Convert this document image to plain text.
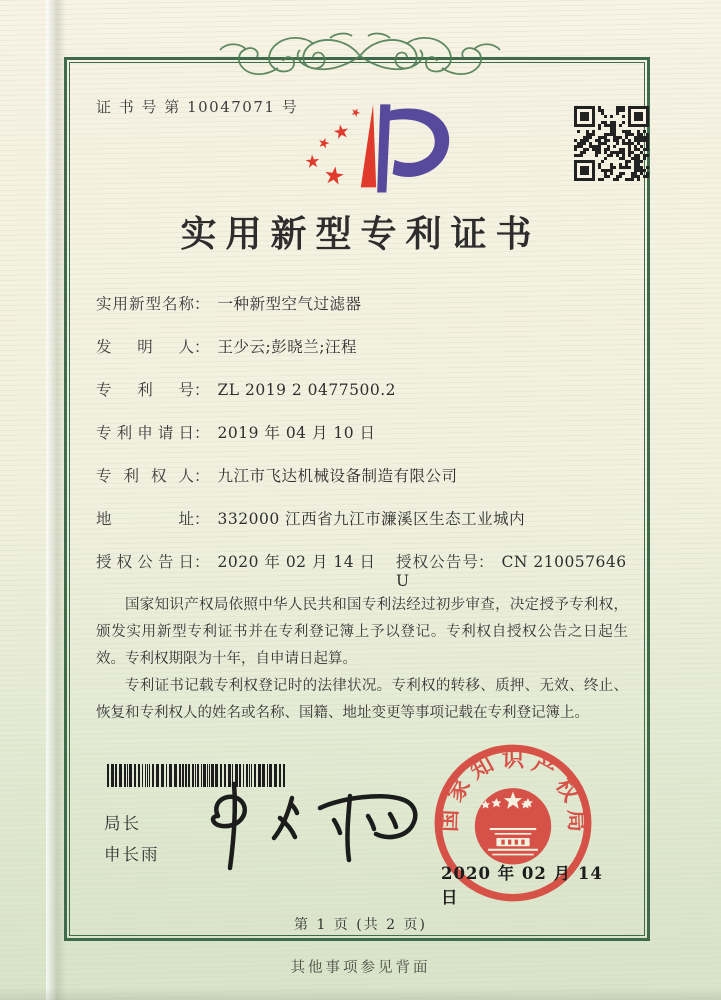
证 书 号 第 10047071 号
实用新型专利证书
实用新型名称： 一种新型空气过滤器
发明人： 王少云;彭晓兰;汪程
专利号： ZL 2019 2 0477500.2
专利申请日： 2019 年 04 月 10 日
专利权人： 九江市飞达机械设备制造有限公司
地址： 332000 江西省九江市濂溪区生态工业城内
授权公告日： 2020 年 02 月 14 日 授权公告号： CN 210057646 U

国家知识产权局依照中华人民共和国专利法经过初步审查，决定授予专利权，颁发实用新型专利证书并在专利登记簿上予以登记。专利权自授权公告之日起生效。专利权期限为十年，自申请日起算。

专利证书记载专利权登记时的法律状况。专利权的转移、质押、无效、终止、恢复和专利权人的姓名或名称、国籍、地址变更等事项记载在专利登记簿上。

局长
申长雨
国家知识产权局
2020 年 02 月 14 日
第 1 页 (共 2 页)
其他事项参见背面
